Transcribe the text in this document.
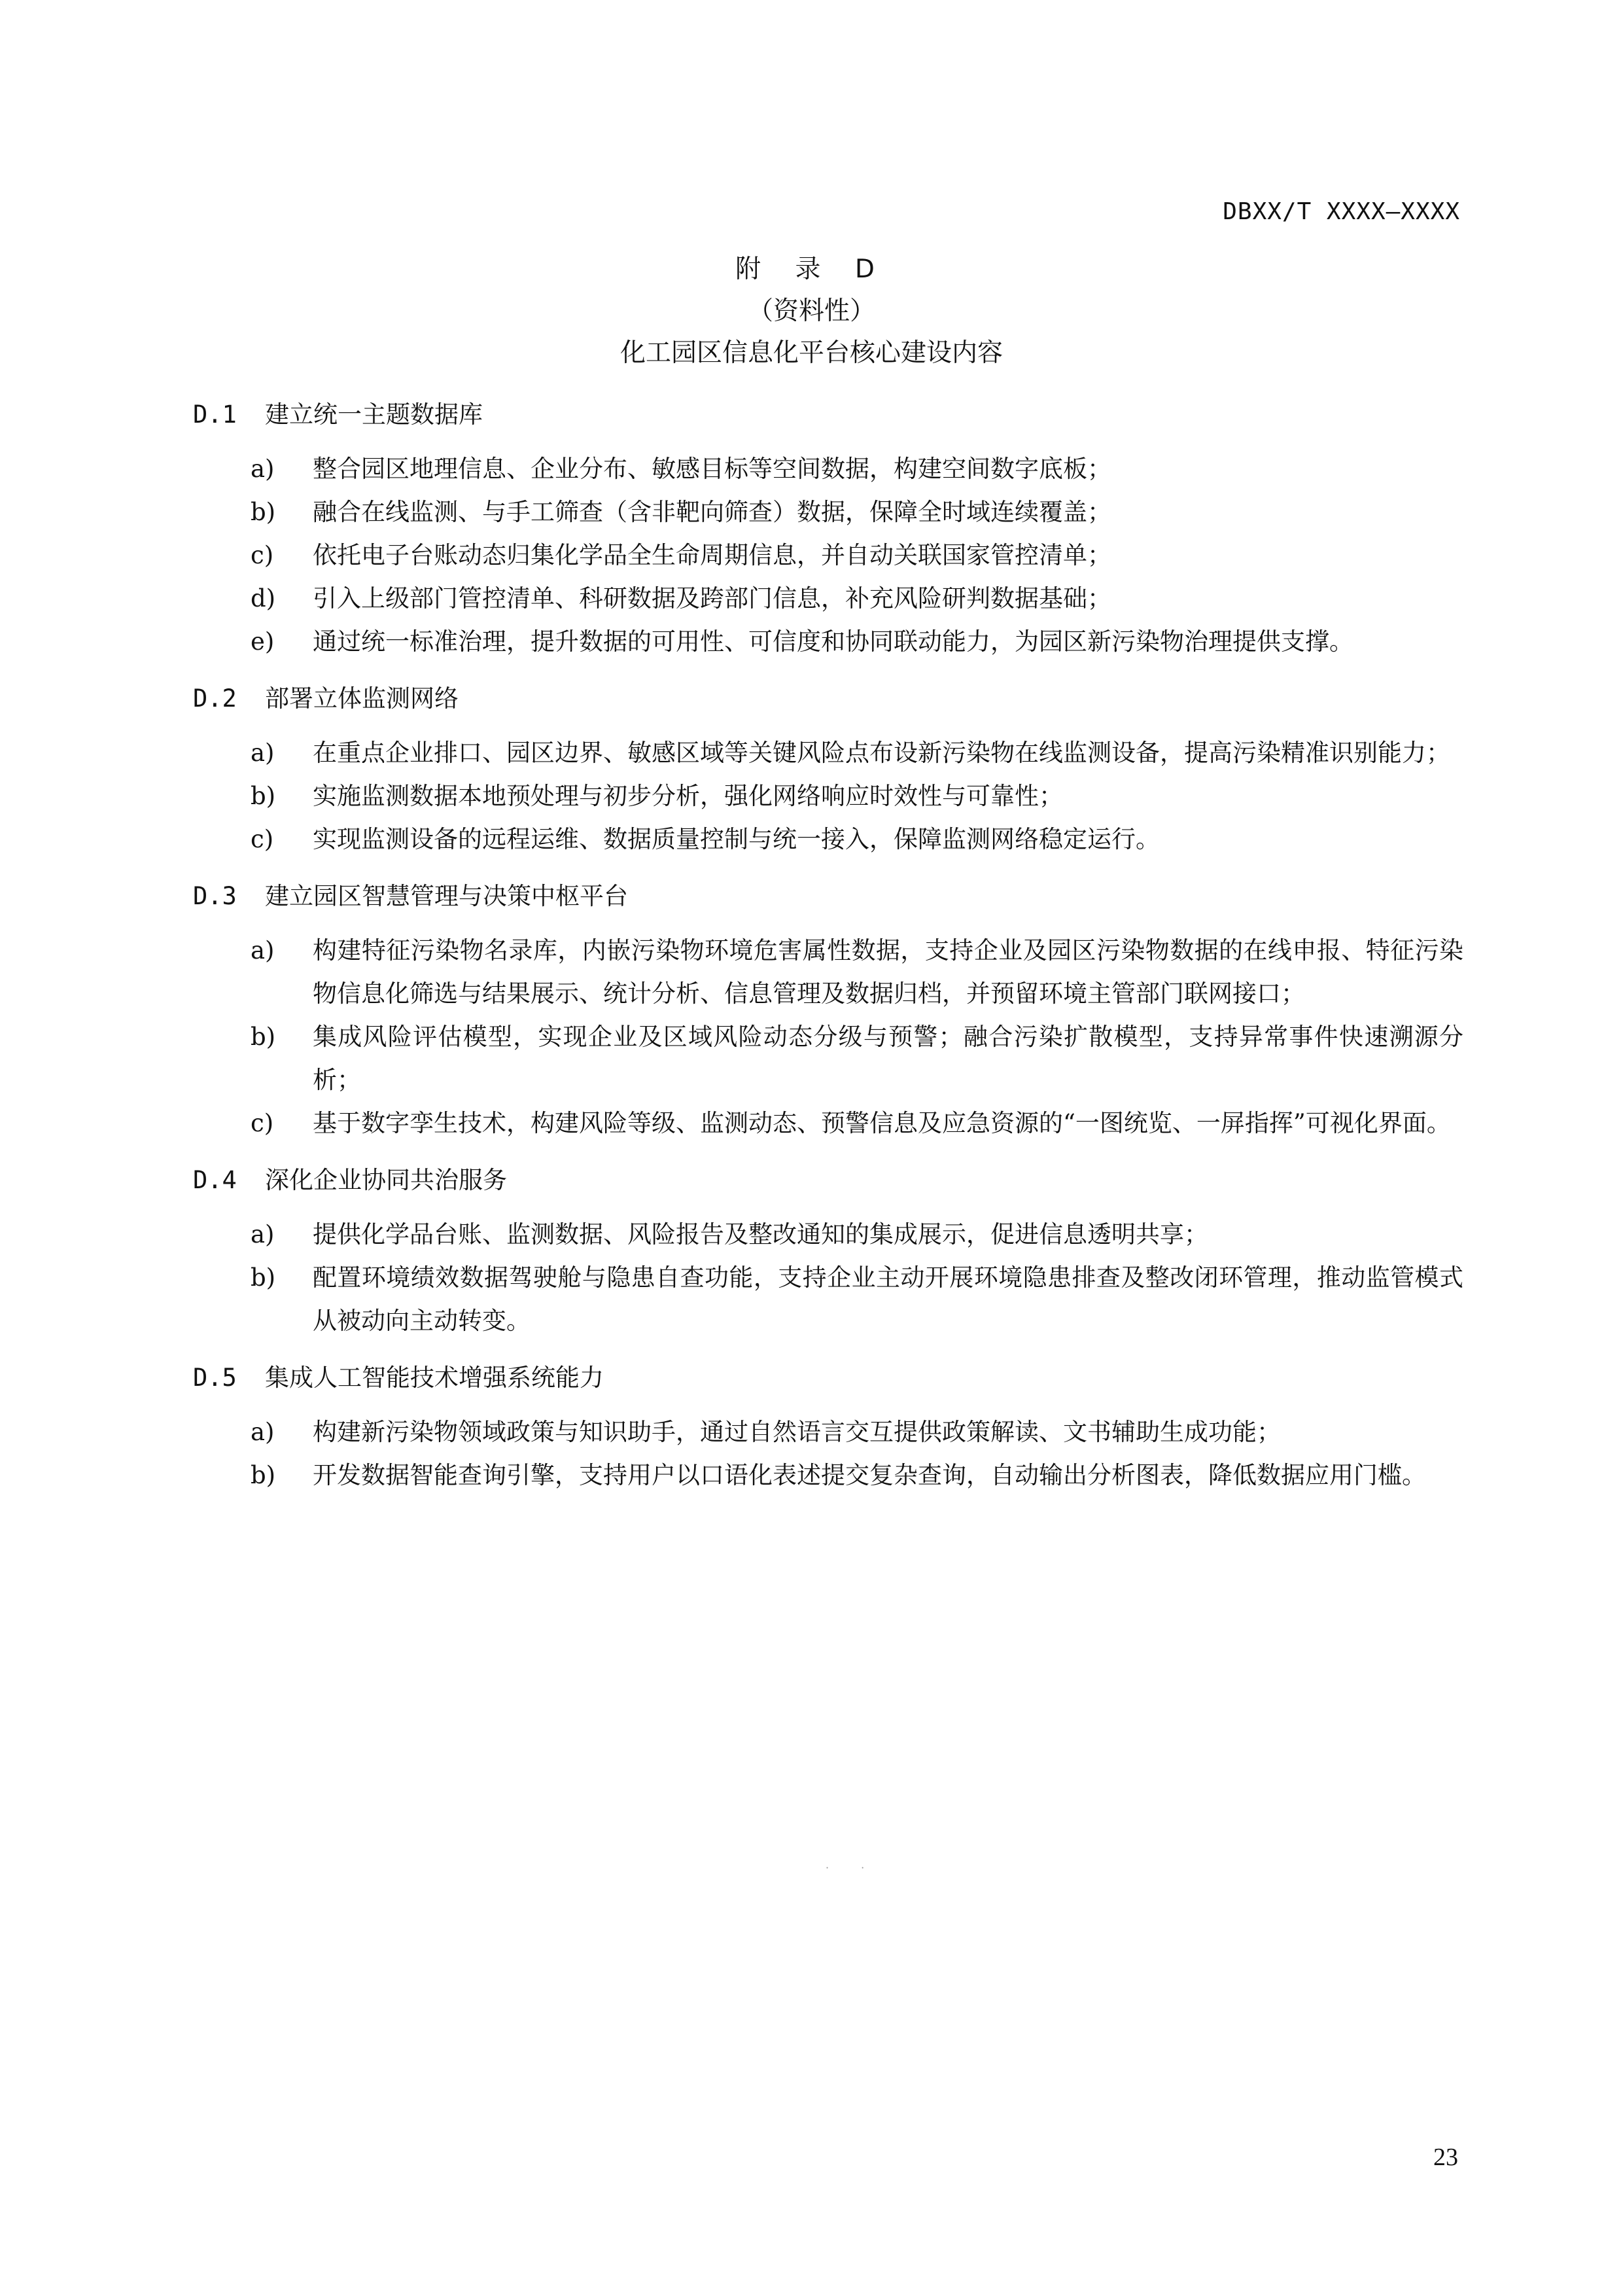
DBXX/T XXXX—XXXX
附 录 D
（资料性）
化工园区信息化平台核心建设内容
D.1	建立统一主题数据库
a)	整合园区地理信息、企业分布、敏感目标等空间数据，构建空间数字底板；
b)	融合在线监测、与手工筛查（含非靶向筛查）数据，保障全时域连续覆盖；
c)	依托电子台账动态归集化学品全生命周期信息，并自动关联国家管控清单；
d)	引入上级部门管控清单、科研数据及跨部门信息，补充风险研判数据基础；
e)	通过统一标准治理，提升数据的可用性、可信度和协同联动能力，为园区新污染物治理提供支撑。
D.2	部署立体监测网络
a)	在重点企业排口、园区边界、敏感区域等关键风险点布设新污染物在线监测设备，提高污染精准识别能力；
b)	实施监测数据本地预处理与初步分析，强化网络响应时效性与可靠性；
c)	实现监测设备的远程运维、数据质量控制与统一接入，保障监测网络稳定运行。
D.3	建立园区智慧管理与决策中枢平台
a)	构建特征污染物名录库，内嵌污染物环境危害属性数据，支持企业及园区污染物数据的在线申报、特征污染物信息化筛选与结果展示、统计分析、信息管理及数据归档，并预留环境主管部门联网接口；
b)	集成风险评估模型，实现企业及区域风险动态分级与预警；融合污染扩散模型，支持异常事件快速溯源分析；
c)	基于数字孪生技术，构建风险等级、监测动态、预警信息及应急资源的“一图统览、一屏指挥”可视化界面。
D.4	深化企业协同共治服务
a)	提供化学品台账、监测数据、风险报告及整改通知的集成展示，促进信息透明共享；
b)	配置环境绩效数据驾驶舱与隐患自查功能，支持企业主动开展环境隐患排查及整改闭环管理，推动监管模式从被动向主动转变。
D.5	集成人工智能技术增强系统能力
a)	构建新污染物领域政策与知识助手，通过自然语言交互提供政策解读、文书辅助生成功能；
b)	开发数据智能查询引擎，支持用户以口语化表述提交复杂查询，自动输出分析图表，降低数据应用门槛。
· ·
23
